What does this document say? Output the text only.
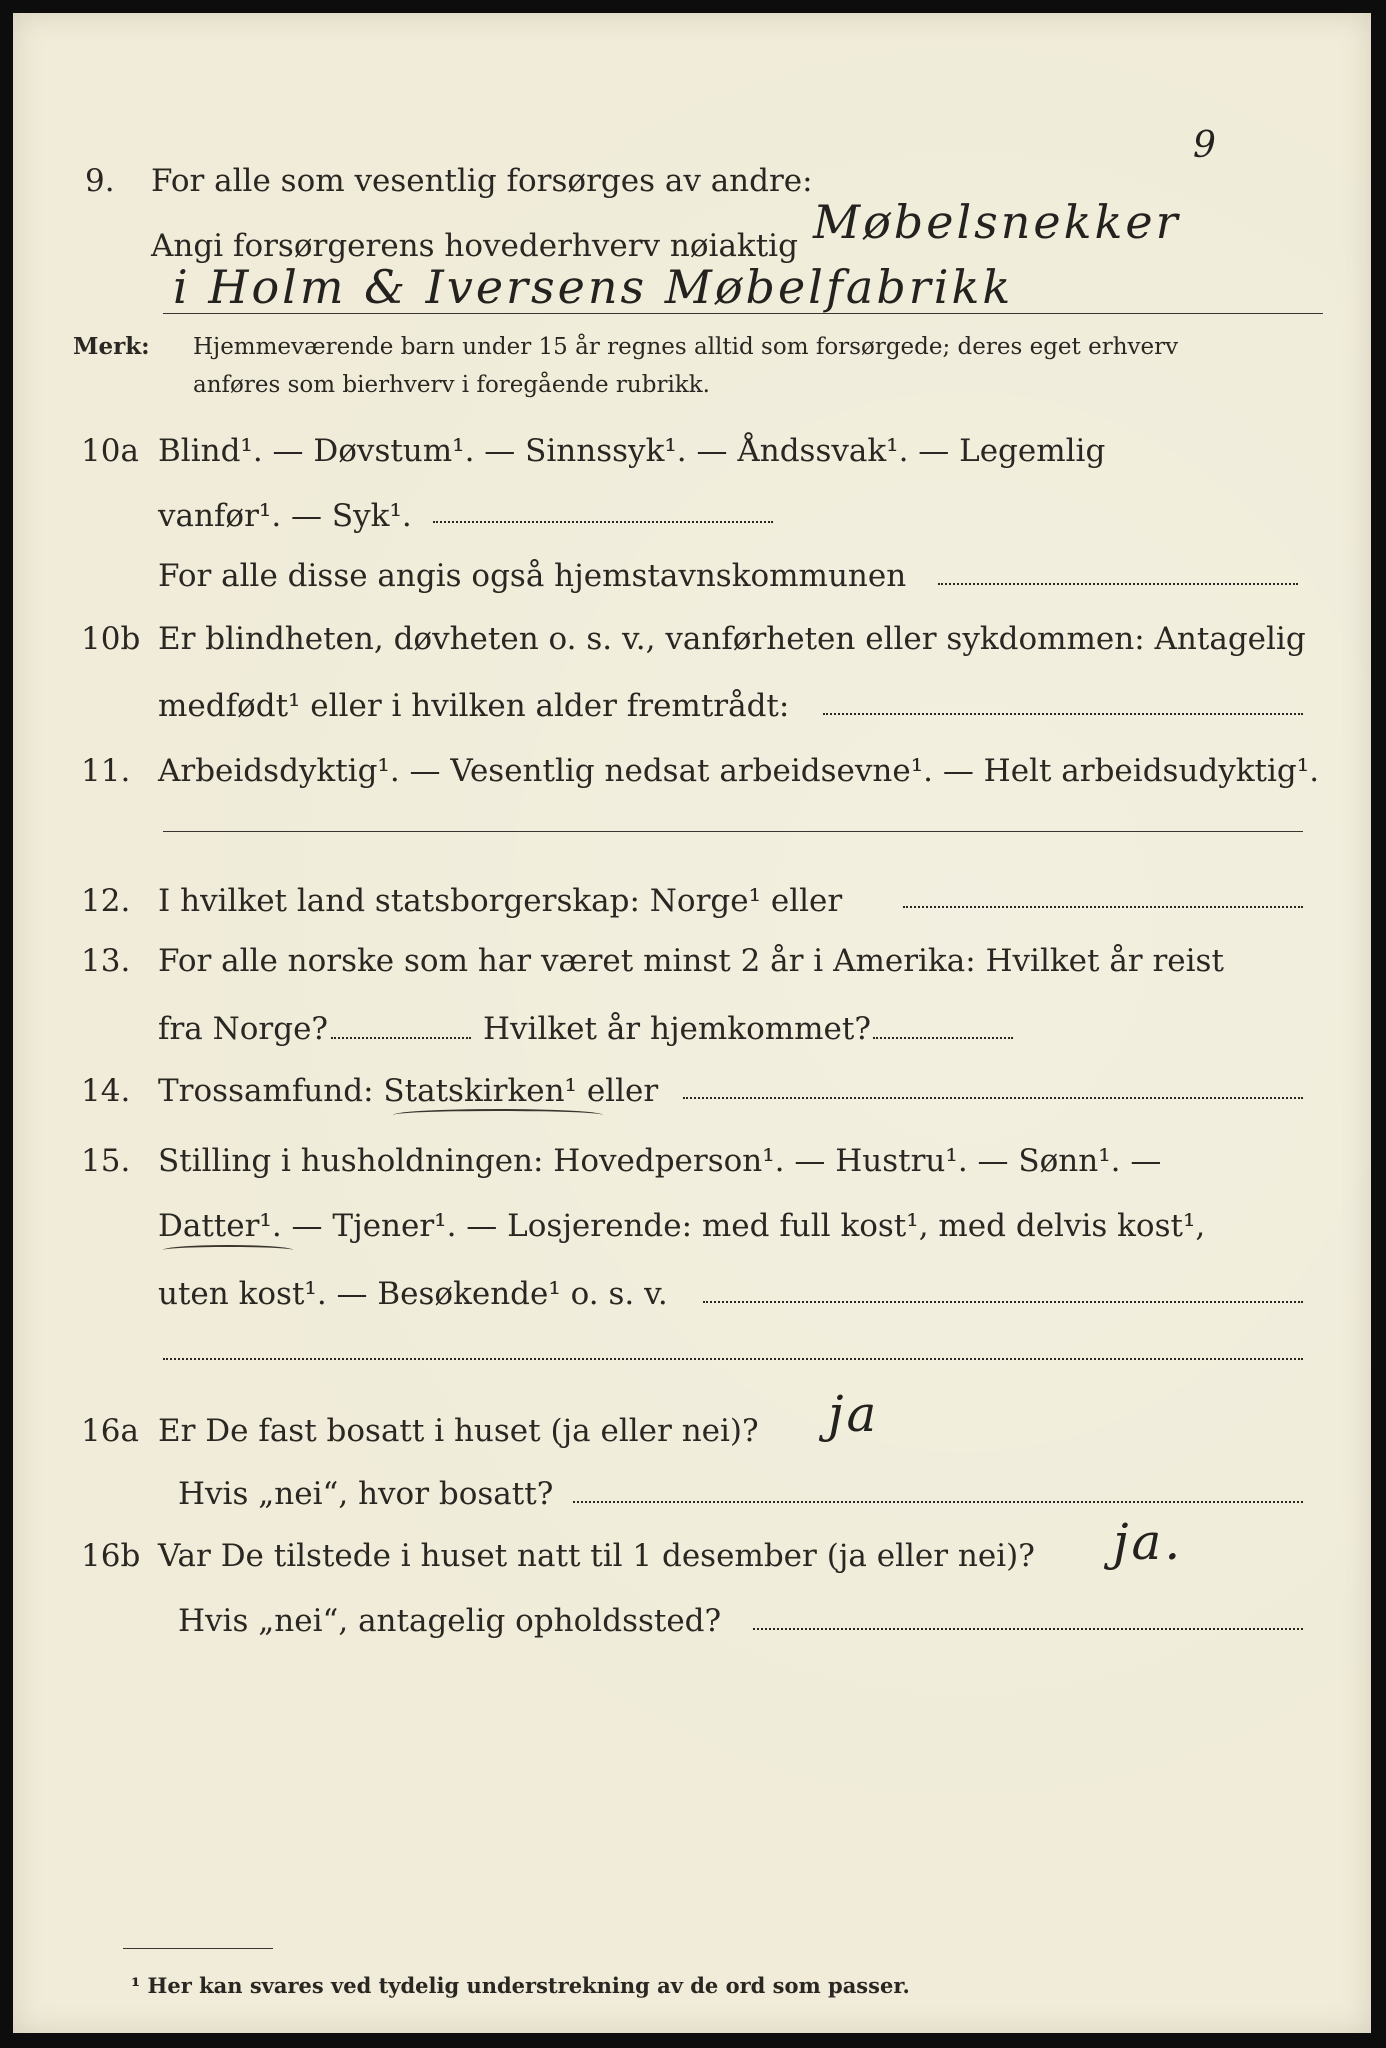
9.	For alle som vesentlig forsørges av andre:
9
Angi forsørgerens hovederhverv nøiaktig Møbelsnekker
i Holm & Iversens Møbelfabrikk
Merk:	Hjemmeværende barn under 15 år regnes alltid som forsørgede; deres eget erhverv
anføres som bierhverv i foregående rubrikk.
10a Blind¹. — Døvstum¹. — Sinnssyk¹. — Åndssvak¹. — Legemlig
vanfør¹. — Syk¹.
For alle disse angis også hjemstavnskommunen
10b Er blindheten, døvheten o. s. v., vanførheten eller sykdommen: Antagelig
medfødt¹ eller i hvilken alder fremtrådt:
11. Arbeidsdyktig¹. — Vesentlig nedsat arbeidsevne¹. — Helt arbeidsudyktig¹.
12. I hvilket land statsborgerskap: Norge¹ eller
13. For alle norske som har været minst 2 år i Amerika: Hvilket år reist
fra Norge?	Hvilket år hjemkommet?
14. Trossamfund: Statskirken¹ eller
15. Stilling i husholdningen: Hovedperson¹. — Hustru¹. — Sønn¹. —
Datter¹. — Tjener¹. — Losjerende: med full kost¹, med delvis kost¹,
uten kost¹. — Besøkende¹ o. s. v.
16a Er De fast bosatt i huset (ja eller nei)? ja
Hvis „nei“, hvor bosatt?
16b Var De tilstede i huset natt til 1 desember (ja eller nei)? ja.
Hvis „nei“, antagelig opholdssted?
¹ Her kan svares ved tydelig understrekning av de ord som passer.
